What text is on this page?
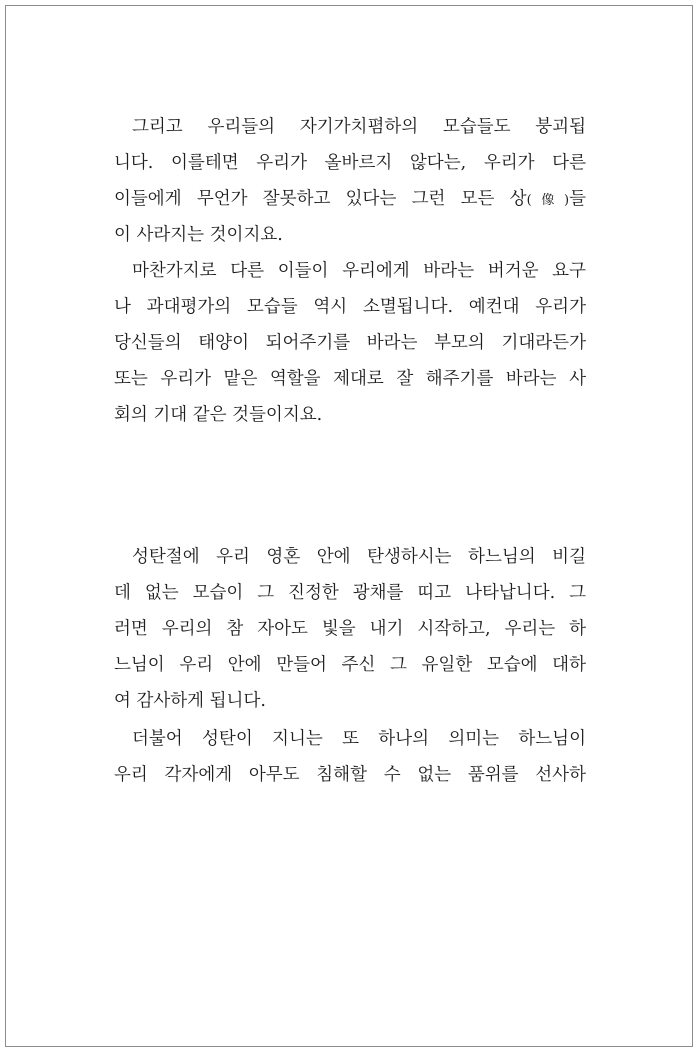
그리고 우리들의 자기가치폄하의 모습들도 붕괴됩
니다. 이를테면 우리가 올바르지 않다는, 우리가 다른
이들에게 무언가 잘못하고 있다는 그런 모든 상(像)들
이 사라지는 것이지요.
마찬가지로 다른 이들이 우리에게 바라는 버거운 요구
나 과대평가의 모습들 역시 소멸됩니다. 예컨대 우리가
당신들의 태양이 되어주기를 바라는 부모의 기대라든가
또는 우리가 맡은 역할을 제대로 잘 해주기를 바라는 사
회의 기대 같은 것들이지요.
성탄절에 우리 영혼 안에 탄생하시는 하느님의 비길
데 없는 모습이 그 진정한 광채를 띠고 나타납니다. 그
러면 우리의 참 자아도 빛을 내기 시작하고, 우리는 하
느님이 우리 안에 만들어 주신 그 유일한 모습에 대하
여 감사하게 됩니다.
더불어 성탄이 지니는 또 하나의 의미는 하느님이
우리 각자에게 아무도 침해할 수 없는 품위를 선사하
